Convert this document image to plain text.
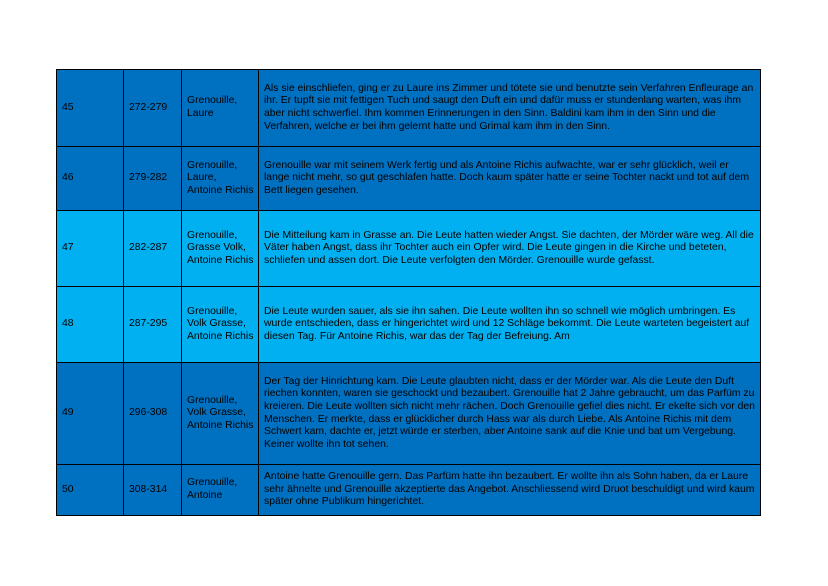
45	272-279	Grenouille, Laure	Als sie einschliefen, ging er zu Laure ins Zimmer und tötete sie und benutzte sein Verfahren Enfleurage an ihr. Er tupft sie mit fettigen Tuch und saugt den Duft ein und dafür muss er stundenlang warten, was ihm aber nicht schwerfiel. Ihm kommen Erinnerungen in den Sinn. Baldini kam ihm in den Sinn und die Verfahren, welche er bei ihm gelernt hatte und Grimal kam ihm in den Sinn.
46	279-282	Grenouille, Laure, Antoine Richis	Grenouille war mit seinem Werk fertig und als Antoine Richis aufwachte, war er sehr glücklich, weil er lange nicht mehr, so gut geschlafen hatte. Doch kaum später hatte er seine Tochter nackt und tot auf dem Bett liegen gesehen.
47	282-287	Grenouille, Grasse Volk, Antoine Richis	Die Mitteilung kam in Grasse an. Die Leute hatten wieder Angst. Sie dachten, der Mörder wäre weg. All die Väter haben Angst, dass ihr Tochter auch ein Opfer wird. Die Leute gingen in die Kirche und beteten, schliefen und assen dort. Die Leute verfolgten den Mörder. Grenouille wurde gefasst.
48	287-295	Grenouille, Volk Grasse, Antoine Richis	Die Leute wurden sauer, als sie ihn sahen. Die Leute wollten ihn so schnell wie möglich umbringen. Es wurde entschieden, dass er hingerichtet wird und 12 Schläge bekommt. Die Leute warteten begeistert auf diesen Tag. Für Antoine Richis, war das der Tag der Befreiung. Am
49	296-308	Grenouille, Volk Grasse, Antoine Richis	Der Tag der Hinrichtung kam. Die Leute glaubten nicht, dass er der Mörder war. Als die Leute den Duft riechen konnten, waren sie geschockt und bezaubert. Grenouille hat 2 Jahre gebraucht, um das Parfüm zu kreieren. Die Leute wollten sich nicht mehr rächen. Doch Grenouille gefiel dies nicht. Er ekelte sich vor den Menschen. Er merkte, dass er glücklicher durch Hass war als durch Liebe. Als Antoine Richis mit dem Schwert kam, dachte er, jetzt würde er sterben, aber Antoine sank auf die Knie und bat um Vergebung. Keiner wollte ihn tot sehen.
50	308-314	Grenouille, Antoine	Antoine hatte Grenouille gern. Das Parfüm hatte ihn bezaubert. Er wollte ihn als Sohn haben, da er Laure sehr ähnelte und Grenouille akzeptierte das Angebot. Anschliessend wird Druot beschuldigt und wird kaum später ohne Publikum hingerichtet.
